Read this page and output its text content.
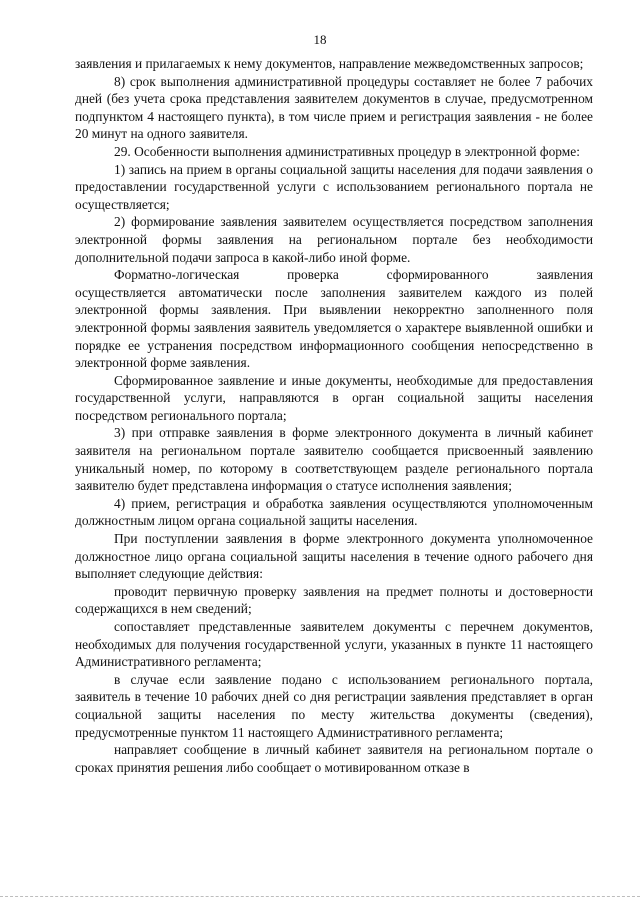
18

заявления и прилагаемых к нему документов, направление межведомственных запросов;

8) срок выполнения административной процедуры составляет не более 7 рабочих дней (без учета срока представления заявителем документов в случае, предусмотренном подпунктом 4 настоящего пункта), в том числе прием и регистрация заявления - не более 20 минут на одного заявителя.

29. Особенности выполнения административных процедур в электронной форме:

1) запись на прием в органы социальной защиты населения для подачи заявления о предоставлении государственной услуги с использованием регионального портала не осуществляется;

2) формирование заявления заявителем осуществляется посредством заполнения электронной формы заявления на региональном портале без необходимости дополнительной подачи запроса в какой-либо иной форме.

Форматно-логическая проверка сформированного заявления

осуществляется автоматически после заполнения заявителем каждого из полей электронной формы заявления. При выявлении некорректно заполненного поля электронной формы заявления заявитель уведомляется о характере выявленной ошибки и порядке ее устранения посредством информационного сообщения непосредственно в электронной форме заявления.

Сформированное заявление и иные документы, необходимые для предоставления государственной услуги, направляются в орган социальной защиты населения посредством регионального портала;

3) при отправке заявления в форме электронного документа в личный кабинет заявителя на региональном портале заявителю сообщается присвоенный заявлению уникальный номер, по которому в соответствующем разделе регионального портала заявителю будет представлена информация о статусе исполнения заявления;

4) прием, регистрация и обработка заявления осуществляются уполномоченным должностным лицом органа социальной защиты населения.

При поступлении заявления в форме электронного документа уполномоченное должностное лицо органа социальной защиты населения в течение одного рабочего дня выполняет следующие действия:

проводит первичную проверку заявления на предмет полноты и достоверности содержащихся в нем сведений;

сопоставляет представленные заявителем документы с перечнем документов, необходимых для получения государственной услуги, указанных в пункте 11 настоящего Административного регламента;

в случае если заявление подано с использованием регионального портала, заявитель в течение 10 рабочих дней со дня регистрации заявления представляет в орган социальной защиты населения по месту жительства документы (сведения), предусмотренные пунктом 11 настоящего Административного регламента;

направляет сообщение в личный кабинет заявителя на региональном портале о сроках принятия решения либо сообщает о мотивированном отказе в
